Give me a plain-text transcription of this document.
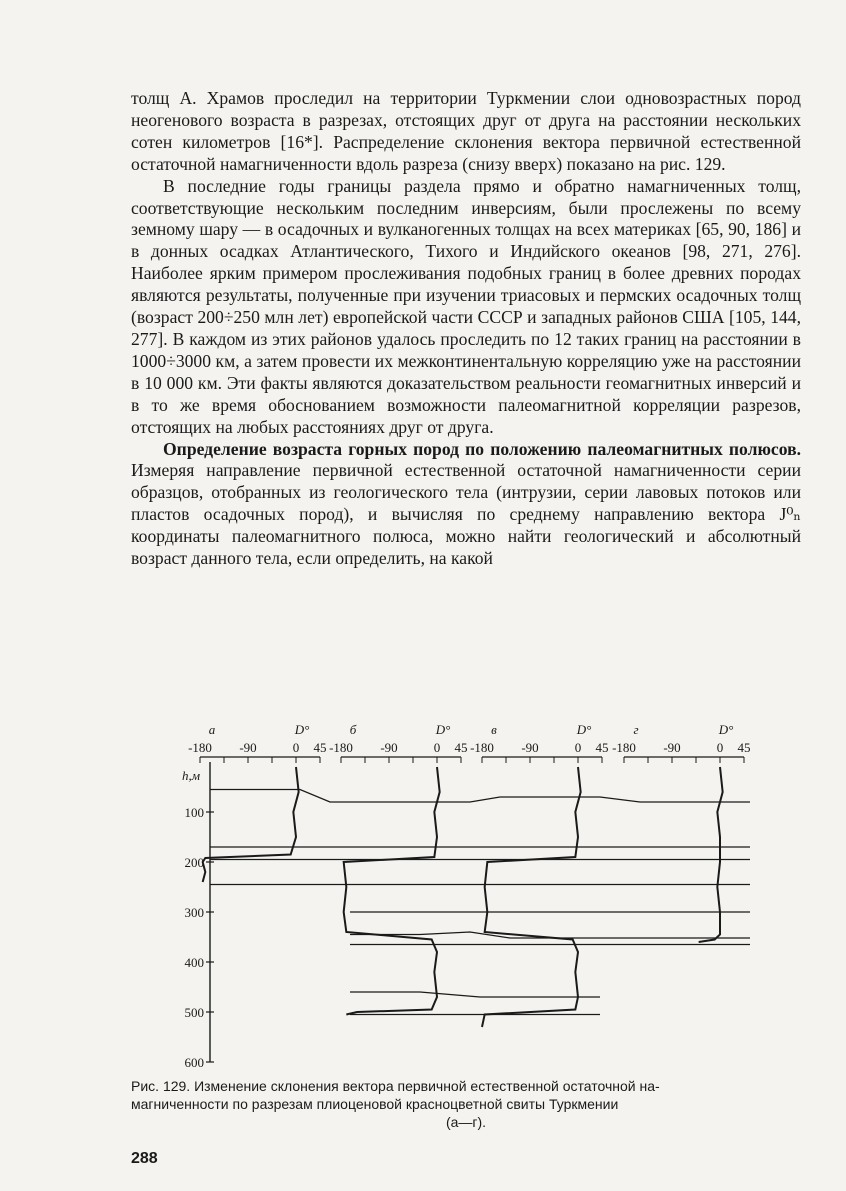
толщ А. Храмов проследил на территории Туркмении слои одновозрастных пород неогенового возраста в разрезах, отстоящих друг от друга на расстоянии нескольких сотен километров [16*]. Распределение склонения вектора первичной естественной остаточной намагниченности вдоль разреза (снизу вверх) показано на рис. 129.

В последние годы границы раздела прямо и обратно намагниченных толщ, соответствующие нескольким последним инверсиям, были прослежены по всему земному шару — в осадочных и вулканогенных толщах на всех материках [65, 90, 186] и в донных осадках Атлантического, Тихого и Индийского океанов [98, 271, 276]. Наиболее ярким примером прослеживания подобных границ в более древних породах являются результаты, полученные при изучении триасовых и пермских осадочных толщ (возраст 200÷250 млн лет) европейской части СССР и западных районов США [105, 144, 277]. В каждом из этих районов удалось проследить по 12 таких границ на расстоянии в 1000÷3000 км, а затем провести их межконтинентальную корреляцию уже на расстоянии в 10 000 км. Эти факты являются доказательством реальности геомагнитных инверсий и в то же время обоснованием возможности палеомагнитной корреляции разрезов, отстоящих на любых расстояниях друг от друга.

Определение возраста горных пород по положению палеомагнитных полюсов. Измеряя направление первичной естественной остаточной намагниченности серии образцов, отобранных из геологического тела (интрузии, серии лавовых потоков или пластов осадочных пород), и вычисляя по среднему направлению вектора J⁰ₙ координаты палеомагнитного полюса, можно найти геологический и абсолютный возраст данного тела, если определить, на какой

а	D°
-180 -90	0 45
б	D°
-180 -90	0 45
в	D°
-180 -90	0 45
г	D°
-180 -90	0 45
h,м
100
200
300
400
500
600
Рис. 129. Изменение склонения вектора первичной естественной остаточной на-
магниченности по разрезам плиоценовой красноцветной свиты Туркмении
(а—г).
288
